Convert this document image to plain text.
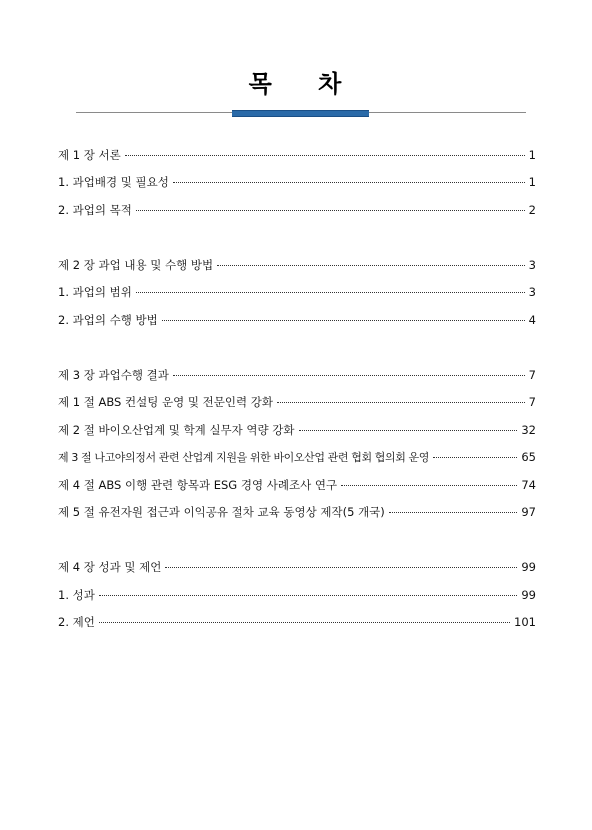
목 차
제 1 장 서론	1
1. 과업배경 및 필요성	1
2. 과업의 목적	2
제 2 장 과업 내용 및 수행 방법	3
1. 과업의 범위	3
2. 과업의 수행 방법	4
제 3 장 과업수행 결과	7
제 1 절 ABS 컨설팅 운영 및 전문인력 강화	7
제 2 절 바이오산업계 및 학계 실무자 역량 강화	32
제 3 절 나고야의정서 관련 산업계 지원을 위한 바이오산업 관련 협회 협의회 운영	65
제 4 절 ABS 이행 관련 항목과 ESG 경영 사례조사 연구	74
제 5 절 유전자원 접근과 이익공유 절차 교육 동영상 제작(5 개국)	97
제 4 장 성과 및 제언	99
1. 성과	99
2. 제언	101
